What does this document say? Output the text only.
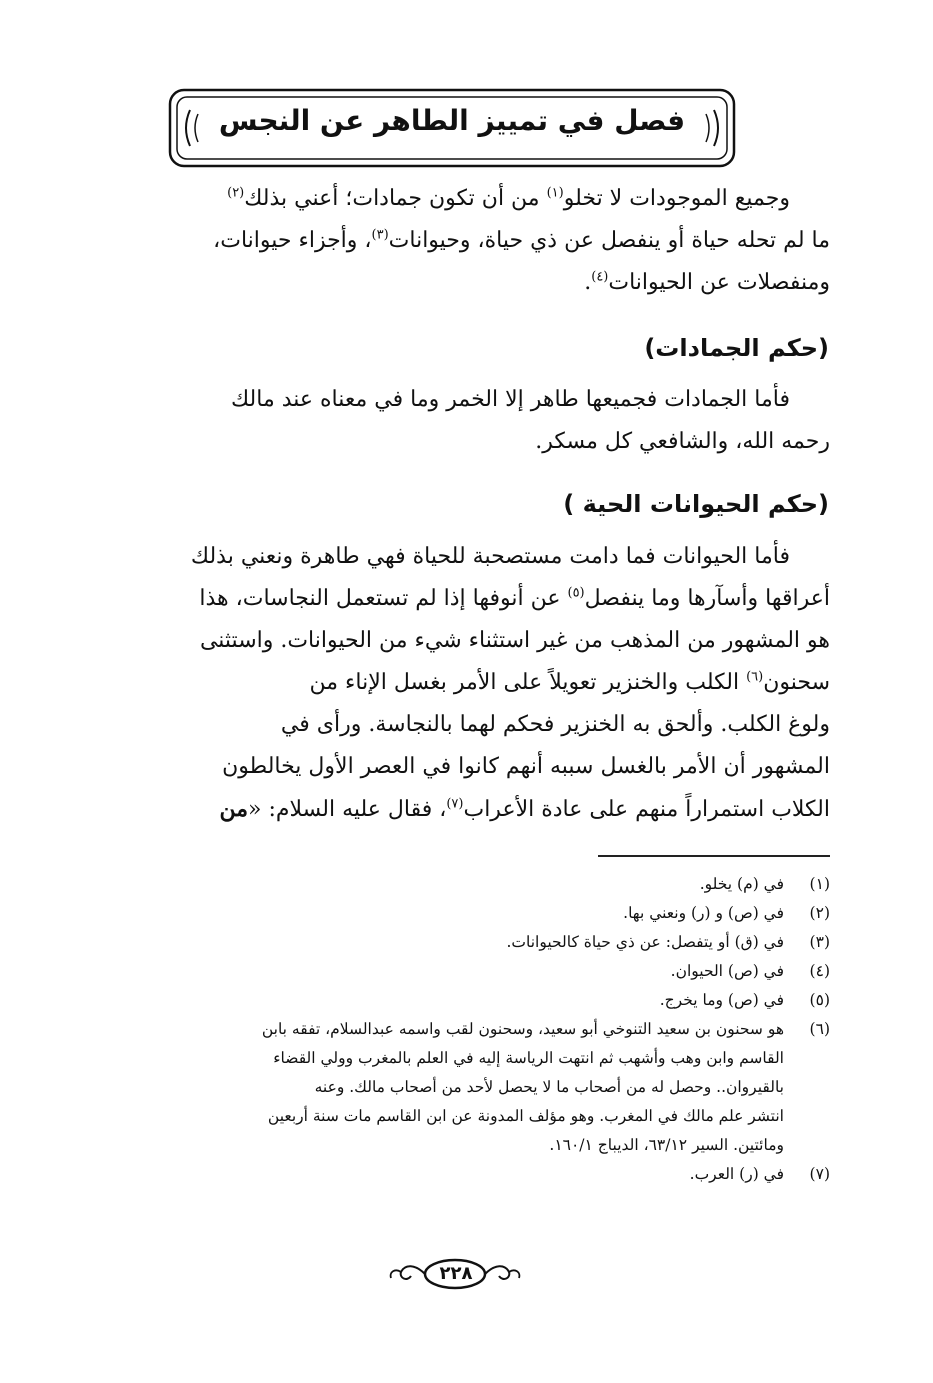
فصل في تمييز الطاهر عن النجس
وجميع الموجودات لا تخلو$^{(١)}$ من أن تكون جمادات؛ أعني بذلك$^{(٢)}$
ما لم تحله حياة أو ينفصل عن ذي حياة، وحيوانات$^{(٣)}$، وأجزاء حيوانات،
ومنفصلات عن الحيوانات$^{(٤)}$.
(حكم الجمادات)
فأما الجمادات فجميعها طاهر إلا الخمر وما في معناه عند مالك
رحمه الله، والشافعي كل مسكر.
(حكم الحيوانات الحية )
فأما الحيوانات فما دامت مستصحبة للحياة فهي طاهرة ونعني بذلك
أعراقها وأسآرها وما ينفصل$^{(٥)}$ عن أنوفها إذا لم تستعمل النجاسات، هذا
هو المشهور من المذهب من غير استثناء شيء من الحيوانات. واستثنى
سحنون$^{(٦)}$ الكلب والخنزير تعويلاً على الأمر بغسل الإناء من
ولوغ الكلب. وألحق به الخنزير فحكم لهما بالنجاسة. ورأى في
المشهور أن الأمر بالغسل سببه أنهم كانوا في العصر الأول يخالطون
الكلاب استمراراً منهم على عادة الأعراب$^{(٧)}$، فقال عليه السلام: «من
(١)
في (م) يخلو.
(٢)
في (ص) و (ر) ونعني بها.
(٣)
في (ق) أو يتفصل: عن ذي حياة كالحيوانات.
(٤)
في (ص) الحيوان.
(٥)
في (ص) وما يخرج.
(٦)
هو سحنون بن سعيد التنوخي أبو سعيد، وسحنون لقب واسمه عبدالسلام، تفقه بابن
القاسم وابن وهب وأشهب ثم انتهت الرياسة إليه في العلم بالمغرب وولي القضاء
بالقيروان.. وحصل له من أصحاب ما لا يحصل لأحد من أصحاب مالك. وعنه
انتشر علم مالك في المغرب. وهو مؤلف المدونة عن ابن القاسم مات سنة أربعين
ومائتين. السير ٦٣/١٢، الديباج ١٦٠/١.
(٧)
في (ر) العرب.
٢٢٨
